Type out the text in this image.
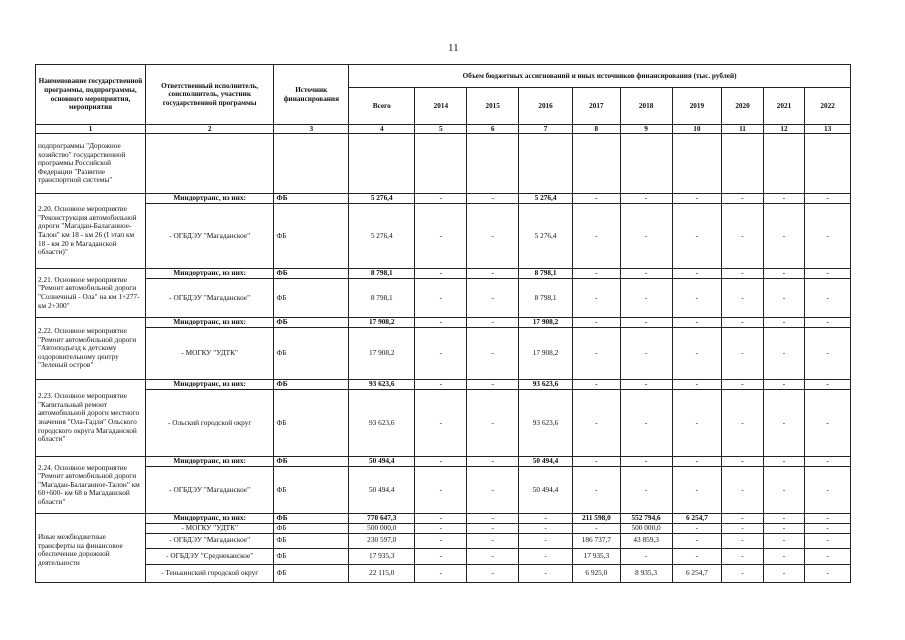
11
Наименование государственной программы, подпрограммы, основного мероприятия, мероприятия	Ответственный исполнитель, соисполнитель, участник государственной программы	Источник финансирования	Объем бюджетных ассигнований и иных источников финансирования (тыс. рублей)									
			Всего	2014	2015	2016	2017	2018	2019	2020	2021	2022
1	2	3	4	5	6	7	8	9	10	11	12	13
подпрограммы "Дорожное хозяйство" государственной программы Российской Федерации "Развитие транспортной системы"												
2.20. Основное мероприятие "Реконструкция автомобильной дороги "Магадан-Балаганное-Талон" км 18 - км 26 (I этап км 18 - км 20 в Магаданской области)"	Миндортранс, из них:	ФБ	5 276,4	-	-	5 276,4	-	-	-	-	-	-
	- ОГБДЭУ "Магаданское"	ФБ	5 276,4	-	-	5 276,4	-	-	-	-	-	-
2.21. Основное мероприятие "Ремонт автомобильной дороги "Солнечный - Ола" на км 1+277- км 2+300"	Миндортранс, из них:	ФБ	8 798,1	-	-	8 798,1	-	-	-	-	-	-
	- ОГБДЭУ "Магаданское"	ФБ	8 798,1	-	-	8 798,1	-	-	-	-	-	-
2.22. Основное мероприятие "Ремонт автомобильной дороги "Автоподъезд к детскому оздоровительному центру "Зеленый остров"	Миндортранс, из них:	ФБ	17 908,2	-	-	17 908,2	-	-	-	-	-	-
	- МОГКУ "УДТК"	ФБ	17 908,2	-	-	17 908,2	-	-	-	-	-	-
2.23. Основное мероприятие "Капитальный ремонт автомобильной дороги местного значения "Ола-Гадля" Ольского городского округа Магаданской области"	Миндортранс, из них:	ФБ	93 623,6	-	-	93 623,6	-	-	-	-	-	-
	- Ольский городской округ	ФБ	93 623,6	-	-	93 623,6	-	-	-	-	-	-
2.24. Основное мероприятие "Ремонт автомобильной дороги "Магадан-Балаганное-Талон" км 60+600- км 68 в Магаданской области"	Миндортранс, из них:	ФБ	50 494,4	-	-	50 494,4	-	-	-	-	-	-
	- ОГБДЭУ "Магаданское"	ФБ	50 494,4	-	-	50 494,4	-	-	-	-	-	-
Иные межбюджетные трансферты на финансовое обеспечение дорожной деятельности	Миндортранс, из них:	ФБ	770 647,3	-	-	-	211 598,0	552 794,6	6 254,7	-	-	-
	- МОГКУ "УДТК"	ФБ	500 000,0	-	-	-	-	500 000,0	-	-	-	-
	- ОГБДЭУ "Магаданское"	ФБ	230 597,0	-	-	-	186 737,7	43 859,3	-	-	-	-
	- ОГБДЭУ "Среднеканское"	ФБ	17 935,3	-	-	-	17 935,3	-	-	-	-	-
	- Тенькинский городской округ	ФБ	22 115,0	-	-	-	6 925,0	8 935,3	6 254,7	-	-	-
